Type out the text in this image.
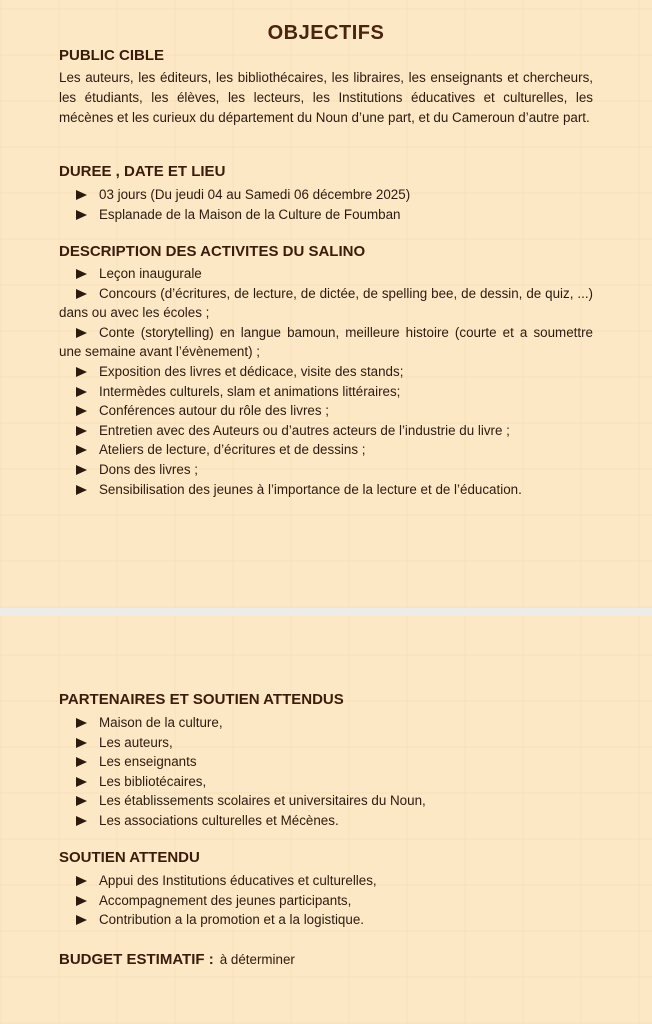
OBJECTIFS
PUBLIC CIBLE
Les auteurs, les éditeurs, les bibliothécaires, les libraires, les enseignants et chercheurs, les étudiants, les élèves, les lecteurs, les Institutions éducatives et culturelles, les mécènes et les curieux du département du Noun d’une part, et du Cameroun d’autre part.
DUREE , DATE ET LIEU
03 jours (Du jeudi 04 au Samedi 06 décembre 2025)
Esplanade de la Maison de la Culture de Foumban
DESCRIPTION DES ACTIVITES DU SALINO
Leçon inaugurale
Concours (d’écritures, de lecture, de dictée, de spelling bee, de dessin, de quiz, ...) dans ou avec les écoles ;
Conte (storytelling) en langue bamoun, meilleure histoire (courte et a soumettre une semaine avant l’évènement) ;
Exposition des livres et dédicace, visite des stands;
Intermèdes culturels, slam et animations littéraires;
Conférences autour du rôle des livres ;
Entretien avec des Auteurs ou d’autres acteurs de l’industrie du livre ;
Ateliers de lecture, d’écritures et de dessins ;
Dons des livres ;
Sensibilisation des jeunes à l’importance de la lecture et de l’éducation.
PARTENAIRES ET SOUTIEN ATTENDUS
Maison de la culture,
Les auteurs,
Les enseignants
Les bibliotécaires,
Les établissements scolaires et universitaires du Noun,
Les associations culturelles et Mécènes.
SOUTIEN ATTENDU
Appui des Institutions éducatives et culturelles,
Accompagnement des jeunes participants,
Contribution a la promotion et a la logistique.
BUDGET ESTIMATIF : à déterminer
